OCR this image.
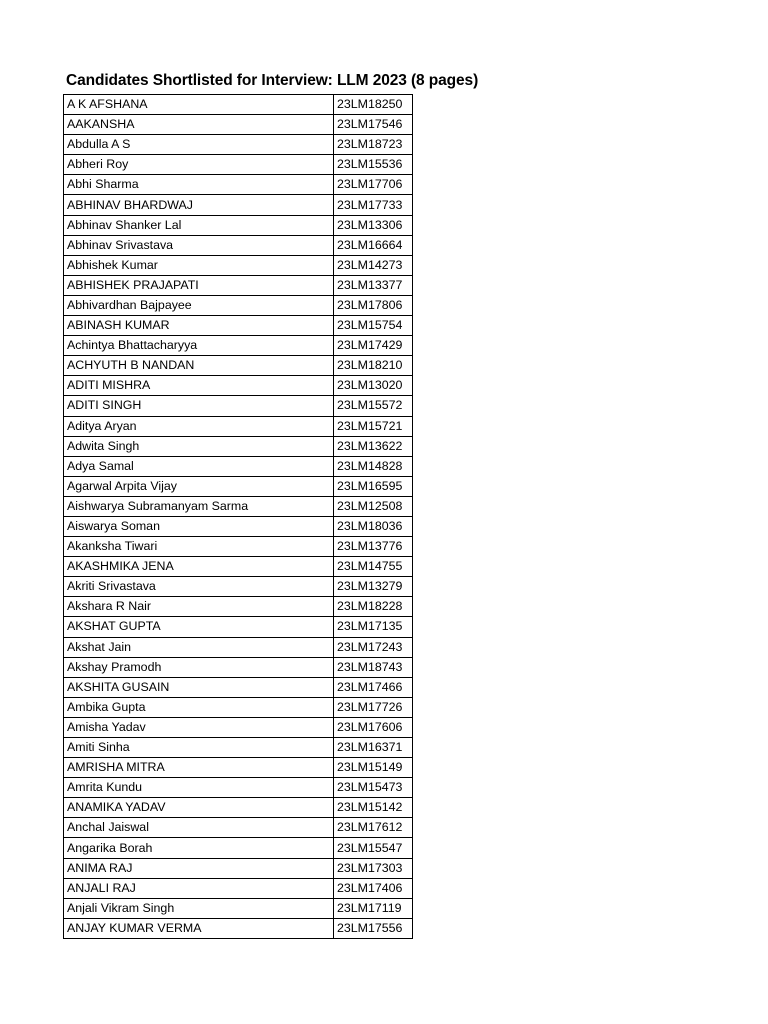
Candidates Shortlisted for Interview: LLM 2023 (8 pages)
A K AFSHANA	23LM18250
AAKANSHA	23LM17546
Abdulla A S	23LM18723
Abheri Roy	23LM15536
Abhi Sharma	23LM17706
ABHINAV BHARDWAJ	23LM17733
Abhinav Shanker Lal	23LM13306
Abhinav Srivastava	23LM16664
Abhishek Kumar	23LM14273
ABHISHEK PRAJAPATI	23LM13377
Abhivardhan Bajpayee	23LM17806
ABINASH KUMAR	23LM15754
Achintya Bhattacharyya	23LM17429
ACHYUTH B NANDAN	23LM18210
ADITI MISHRA	23LM13020
ADITI SINGH	23LM15572
Aditya Aryan	23LM15721
Adwita Singh	23LM13622
Adya Samal	23LM14828
Agarwal Arpita Vijay	23LM16595
Aishwarya Subramanyam Sarma	23LM12508
Aiswarya Soman	23LM18036
Akanksha Tiwari	23LM13776
AKASHMIKA JENA	23LM14755
Akriti Srivastava	23LM13279
Akshara R Nair	23LM18228
AKSHAT GUPTA	23LM17135
Akshat Jain	23LM17243
Akshay Pramodh	23LM18743
AKSHITA GUSAIN	23LM17466
Ambika Gupta	23LM17726
Amisha Yadav	23LM17606
Amiti Sinha	23LM16371
AMRISHA MITRA	23LM15149
Amrita Kundu	23LM15473
ANAMIKA YADAV	23LM15142
Anchal Jaiswal	23LM17612
Angarika Borah	23LM15547
ANIMA RAJ	23LM17303
ANJALI RAJ	23LM17406
Anjali Vikram Singh	23LM17119
ANJAY KUMAR VERMA	23LM17556
